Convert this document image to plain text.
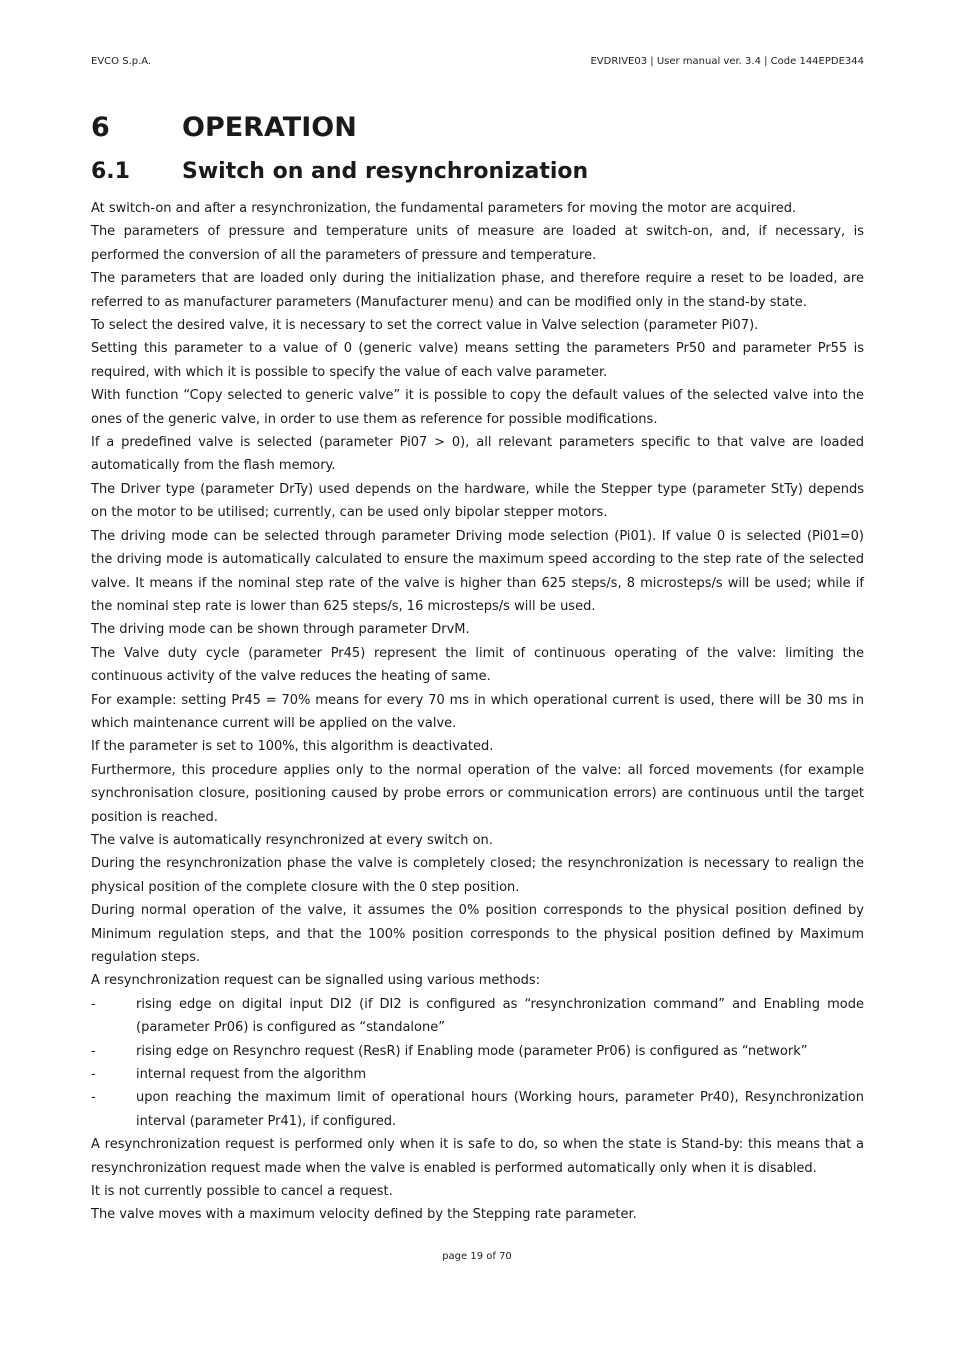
EVCO S.p.A.	EVDRIVE03 | User manual ver. 3.4 | Code 144EPDE344
6	OPERATION
6.1 Switch on and resynchronization

At switch-on and after a resynchronization, the fundamental parameters for moving the motor are acquired.

The parameters of pressure and temperature units of measure are loaded at switch-on, and, if necessary, is performed the conversion of all the parameters of pressure and temperature.

The parameters that are loaded only during the initialization phase, and therefore require a reset to be loaded, are referred to as manufacturer parameters (Manufacturer menu) and can be modified only in the stand-by state.

To select the desired valve, it is necessary to set the correct value in Valve selection (parameter Pi07).

Setting this parameter to a value of 0 (generic valve) means setting the parameters Pr50 and parameter Pr55 is required, with which it is possible to specify the value of each valve parameter.

With function “Copy selected to generic valve” it is possible to copy the default values of the selected valve into the ones of the generic valve, in order to use them as reference for possible modifications.

If a predefined valve is selected (parameter Pi07 > 0), all relevant parameters specific to that valve are loaded automatically from the flash memory.

The Driver type (parameter DrTy) used depends on the hardware, while the Stepper type (parameter StTy) depends on the motor to be utilised; currently, can be used only bipolar stepper motors.

The driving mode can be selected through parameter Driving mode selection (Pi01). If value 0 is selected (Pi01=0) the driving mode is automatically calculated to ensure the maximum speed according to the step rate of the selected valve. It means if the nominal step rate of the valve is higher than 625 steps/s, 8 microsteps/s will be used; while if the nominal step rate is lower than 625 steps/s, 16 microsteps/s will be used.

The driving mode can be shown through parameter DrvM.

The Valve duty cycle (parameter Pr45) represent the limit of continuous operating of the valve: limiting the continuous activity of the valve reduces the heating of same.

For example: setting Pr45 = 70% means for every 70 ms in which operational current is used, there will be 30 ms in which maintenance current will be applied on the valve.

If the parameter is set to 100%, this algorithm is deactivated.

Furthermore, this procedure applies only to the normal operation of the valve: all forced movements (for example synchronisation closure, positioning caused by probe errors or communication errors) are continuous until the target position is reached.

The valve is automatically resynchronized at every switch on.

During the resynchronization phase the valve is completely closed; the resynchronization is necessary to realign the physical position of the complete closure with the 0 step position.

During normal operation of the valve, it assumes the 0% position corresponds to the physical position defined by Minimum regulation steps, and that the 100% position corresponds to the physical position defined by Maximum regulation steps.

A resynchronization request can be signalled using various methods:

-	rising edge on digital input DI2 (if DI2 is configured as “resynchronization command” and Enabling mode (parameter Pr06) is configured as “standalone”
-	rising edge on Resynchro request (ResR) if Enabling mode (parameter Pr06) is configured as “network”
-	internal request from the algorithm
-	upon reaching the maximum limit of operational hours (Working hours, parameter Pr40), Resynchronization interval (parameter Pr41), if configured.

A resynchronization request is performed only when it is safe to do, so when the state is Stand-by: this means that a resynchronization request made when the valve is enabled is performed automatically only when it is disabled.

It is not currently possible to cancel a request.

The valve moves with a maximum velocity defined by the Stepping rate parameter.

page 19 of 70
